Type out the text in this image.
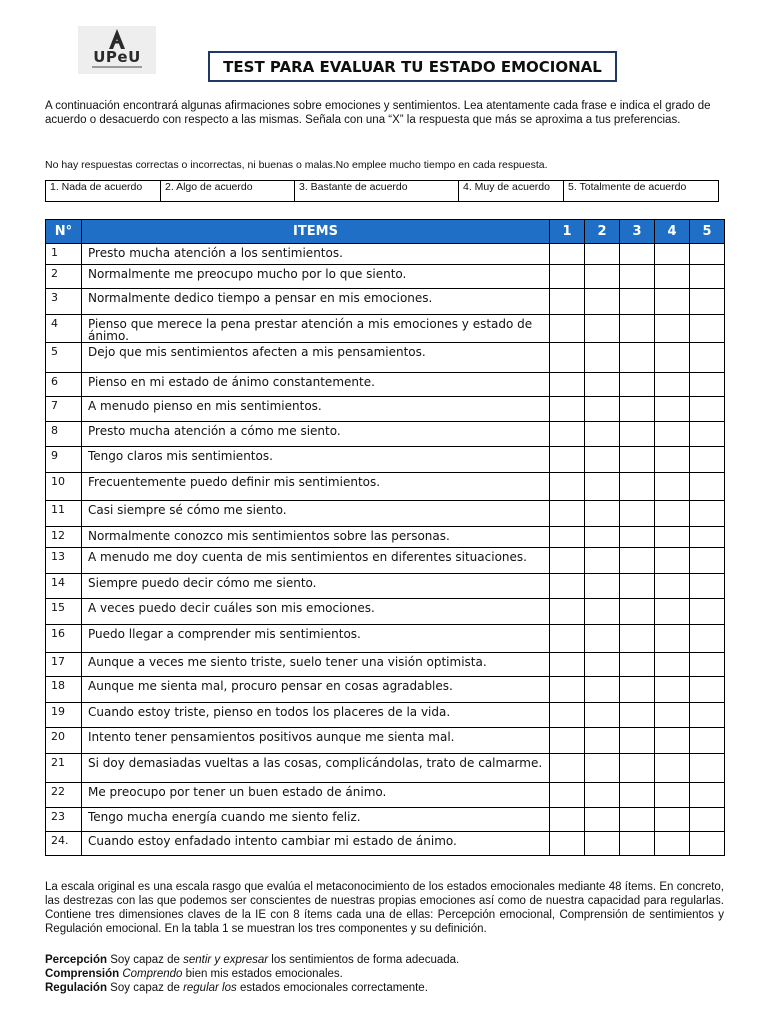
UPeU
TEST PARA EVALUAR TU ESTADO EMOCIONAL

A continuación encontrará algunas afirmaciones sobre emociones y sentimientos. Lea atentamente cada frase e indica el grado de acuerdo o desacuerdo con respecto a las mismas. Señala con una “X” la respuesta que más se aproxima a tus preferencias.

No hay respuestas correctas o incorrectas, ni buenas o malas.No emplee mucho tiempo en cada respuesta.

1. Nada de acuerdo	2. Algo de acuerdo	3. Bastante de acuerdo	4. Muy de acuerdo	5. Totalmente de acuerdo
N°	ITEMS	1	2	3	4	5
1	Presto mucha atención a los sentimientos.					
2	Normalmente me preocupo mucho por lo que siento.					
3	Normalmente dedico tiempo a pensar en mis emociones.					
4	Pienso que merece la pena prestar atención a mis emociones y estado de ánimo.					
5	Dejo que mis sentimientos afecten a mis pensamientos.					
6	Pienso en mi estado de ánimo constantemente.					
7	A menudo pienso en mis sentimientos.					
8	Presto mucha atención a cómo me siento.					
9	Tengo claros mis sentimientos.					
10	Frecuentemente puedo definir mis sentimientos.					
11	Casi siempre sé cómo me siento.					
12	Normalmente conozco mis sentimientos sobre las personas.					
13	A menudo me doy cuenta de mis sentimientos en diferentes situaciones.					
14	Siempre puedo decir cómo me siento.					
15	A veces puedo decir cuáles son mis emociones.					
16	Puedo llegar a comprender mis sentimientos.					
17	Aunque a veces me siento triste, suelo tener una visión optimista.					
18	Aunque me sienta mal, procuro pensar en cosas agradables.					
19	Cuando estoy triste, pienso en todos los placeres de la vida.					
20	Intento tener pensamientos positivos aunque me sienta mal.					
21	Si doy demasiadas vueltas a las cosas, complicándolas, trato de calmarme.					
22	Me preocupo por tener un buen estado de ánimo.					
23	Tengo mucha energía cuando me siento feliz.					
24.	Cuando estoy enfadado intento cambiar mi estado de ánimo.					

La escala original es una escala rasgo que evalúa el metaconocimiento de los estados emocionales mediante 48 ítems. En concreto, las destrezas con las que podemos ser conscientes de nuestras propias emociones así como de nuestra capacidad para regularlas. Contiene tres dimensiones claves de la IE con 8 ítems cada una de ellas: Percepción emocional, Comprensión de sentimientos y Regulación emocional. En la tabla 1 se muestran los tres componentes y su definición.

Percepción Soy capaz de sentir y expresar los sentimientos de forma adecuada.

Comprensión Comprendo bien mis estados emocionales.

Regulación Soy capaz de regular los estados emocionales correctamente.
